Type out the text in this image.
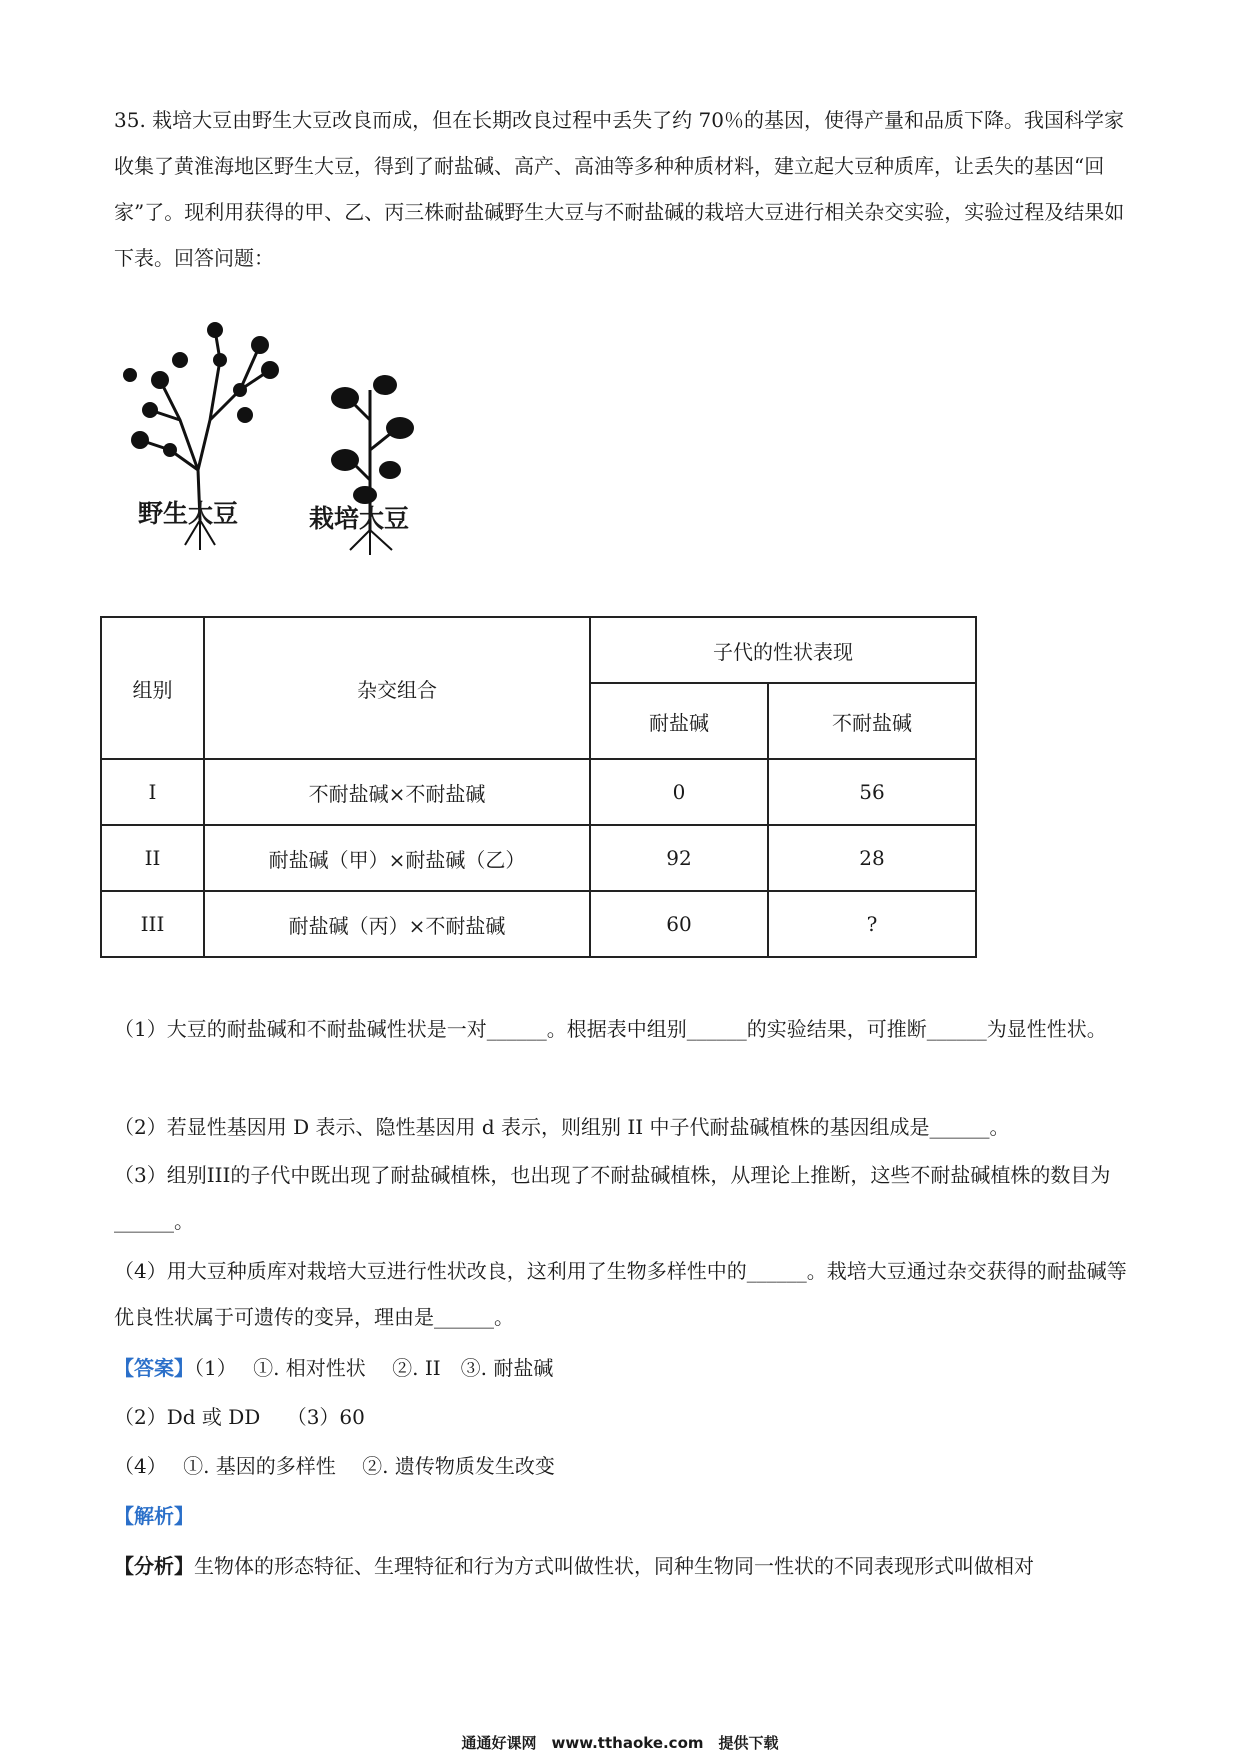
35. 栽培大豆由野生大豆改良而成，但在长期改良过程中丢失了约 70％的基因，使得产量和品质下降。我国科学家收集了黄淮海地区野生大豆，得到了耐盐碱、高产、高油等多种种质材料，建立起大豆种质库，让丢失的基因“回家”了。现利用获得的甲、乙、丙三株耐盐碱野生大豆与不耐盐碱的栽培大豆进行相关杂交实验，实验过程及结果如下表。回答问题：

野生大豆	栽培大豆
组别	杂交组合	子代的性状表现	
		耐盐碱	不耐盐碱
I	不耐盐碱×不耐盐碱	0	56
II	耐盐碱（甲）×耐盐碱（乙）	92	28
III	耐盐碱（丙）×不耐盐碱	60	?

（1）大豆的耐盐碱和不耐盐碱性状是一对______。根据表中组别______的实验结果，可推断______为显性性状。

（2）若显性基因用 D 表示、隐性基因用 d 表示，则组别 II 中子代耐盐碱植株的基因组成是______。

（3）组别III的子代中既出现了耐盐碱植株，也出现了不耐盐碱植株，从理论上推断，这些不耐盐碱植株的数目为______。

（4）用大豆种质库对栽培大豆进行性状改良，这利用了生物多样性中的______。栽培大豆通过杂交获得的耐盐碱等优良性状属于可遗传的变异，理由是______。

【答案】（1）　 ①. 相对性状　 ②. II　③. 耐盐碱
（2）Dd 或 DD　 （3）60
（4）　 ①. 基因的多样性　 ②. 遗传物质发生改变
【解析】
【分析】生物体的形态特征、生理特征和行为方式叫做性状，同种生物同一性状的不同表现形式叫做相对
通通好课网　www.tthaoke.com　提供下载
